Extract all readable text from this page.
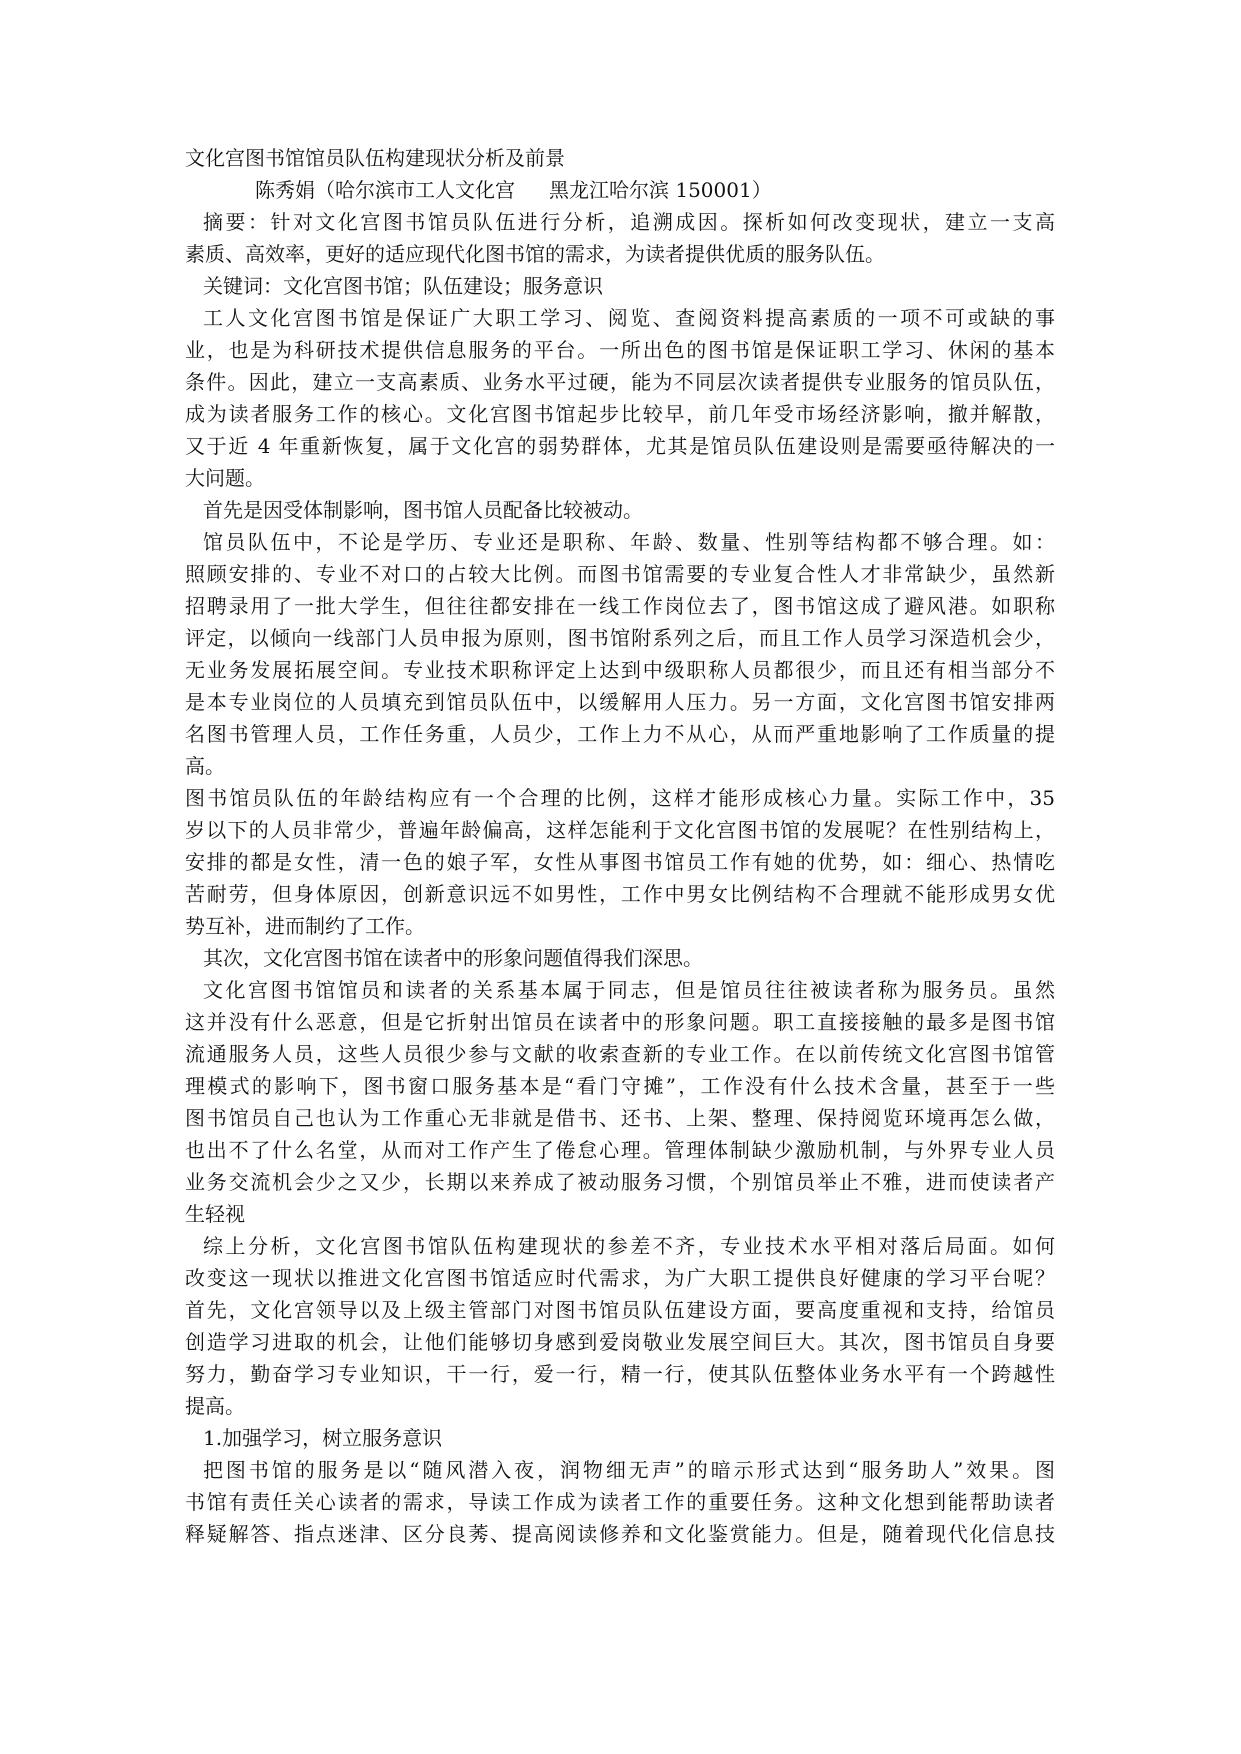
文化宫图书馆馆员队伍构建现状分析及前景
陈秀娟（哈尔滨市工人文化宫 黑龙江哈尔滨 150001）
摘要：针对文化宫图书馆员队伍进行分析，追溯成因。探析如何改变现状，建立一支高
素质、高效率，更好的适应现代化图书馆的需求，为读者提供优质的服务队伍。
关键词：文化宫图书馆；队伍建设；服务意识
工人文化宫图书馆是保证广大职工学习、阅览、查阅资料提高素质的一项不可或缺的事
业，也是为科研技术提供信息服务的平台。一所出色的图书馆是保证职工学习、休闲的基本
条件。因此，建立一支高素质、业务水平过硬，能为不同层次读者提供专业服务的馆员队伍，
成为读者服务工作的核心。文化宫图书馆起步比较早，前几年受市场经济影响，撤并解散，
又于近 4 年重新恢复，属于文化宫的弱势群体，尤其是馆员队伍建设则是需要亟待解决的一
大问题。
首先是因受体制影响，图书馆人员配备比较被动。
馆员队伍中，不论是学历、专业还是职称、年龄、数量、性别等结构都不够合理。如：
照顾安排的、专业不对口的占较大比例。而图书馆需要的专业复合性人才非常缺少，虽然新
招聘录用了一批大学生，但往往都安排在一线工作岗位去了，图书馆这成了避风港。如职称
评定，以倾向一线部门人员申报为原则，图书馆附系列之后，而且工作人员学习深造机会少，
无业务发展拓展空间。专业技术职称评定上达到中级职称人员都很少，而且还有相当部分不
是本专业岗位的人员填充到馆员队伍中，以缓解用人压力。另一方面，文化宫图书馆安排两
名图书管理人员，工作任务重，人员少，工作上力不从心，从而严重地影响了工作质量的提
高。
图书馆员队伍的年龄结构应有一个合理的比例，这样才能形成核心力量。实际工作中，35
岁以下的人员非常少，普遍年龄偏高，这样怎能利于文化宫图书馆的发展呢？在性别结构上，
安排的都是女性，清一色的娘子军，女性从事图书馆员工作有她的优势，如：细心、热情吃
苦耐劳，但身体原因，创新意识远不如男性，工作中男女比例结构不合理就不能形成男女优
势互补，进而制约了工作。
其次，文化宫图书馆在读者中的形象问题值得我们深思。
文化宫图书馆馆员和读者的关系基本属于同志，但是馆员往往被读者称为服务员。虽然
这并没有什么恶意，但是它折射出馆员在读者中的形象问题。职工直接接触的最多是图书馆
流通服务人员，这些人员很少参与文献的收索查新的专业工作。在以前传统文化宫图书馆管
理模式的影响下，图书窗口服务基本是“看门守摊”，工作没有什么技术含量，甚至于一些
图书馆员自己也认为工作重心无非就是借书、还书、上架、整理、保持阅览环境再怎么做，
也出不了什么名堂，从而对工作产生了倦怠心理。管理体制缺少激励机制，与外界专业人员
业务交流机会少之又少，长期以来养成了被动服务习惯，个别馆员举止不雅，进而使读者产
生轻视
综上分析，文化宫图书馆队伍构建现状的参差不齐，专业技术水平相对落后局面。如何
改变这一现状以推进文化宫图书馆适应时代需求，为广大职工提供良好健康的学习平台呢？
首先，文化宫领导以及上级主管部门对图书馆员队伍建设方面，要高度重视和支持，给馆员
创造学习进取的机会，让他们能够切身感到爱岗敬业发展空间巨大。其次，图书馆员自身要
努力，勤奋学习专业知识，干一行，爱一行，精一行，使其队伍整体业务水平有一个跨越性
提高。
1.加强学习，树立服务意识
把图书馆的服务是以“随风潜入夜，润物细无声”的暗示形式达到“服务助人”效果。图
书馆有责任关心读者的需求，导读工作成为读者工作的重要任务。这种文化想到能帮助读者
释疑解答、指点迷津、区分良莠、提高阅读修养和文化鉴赏能力。但是，随着现代化信息技
